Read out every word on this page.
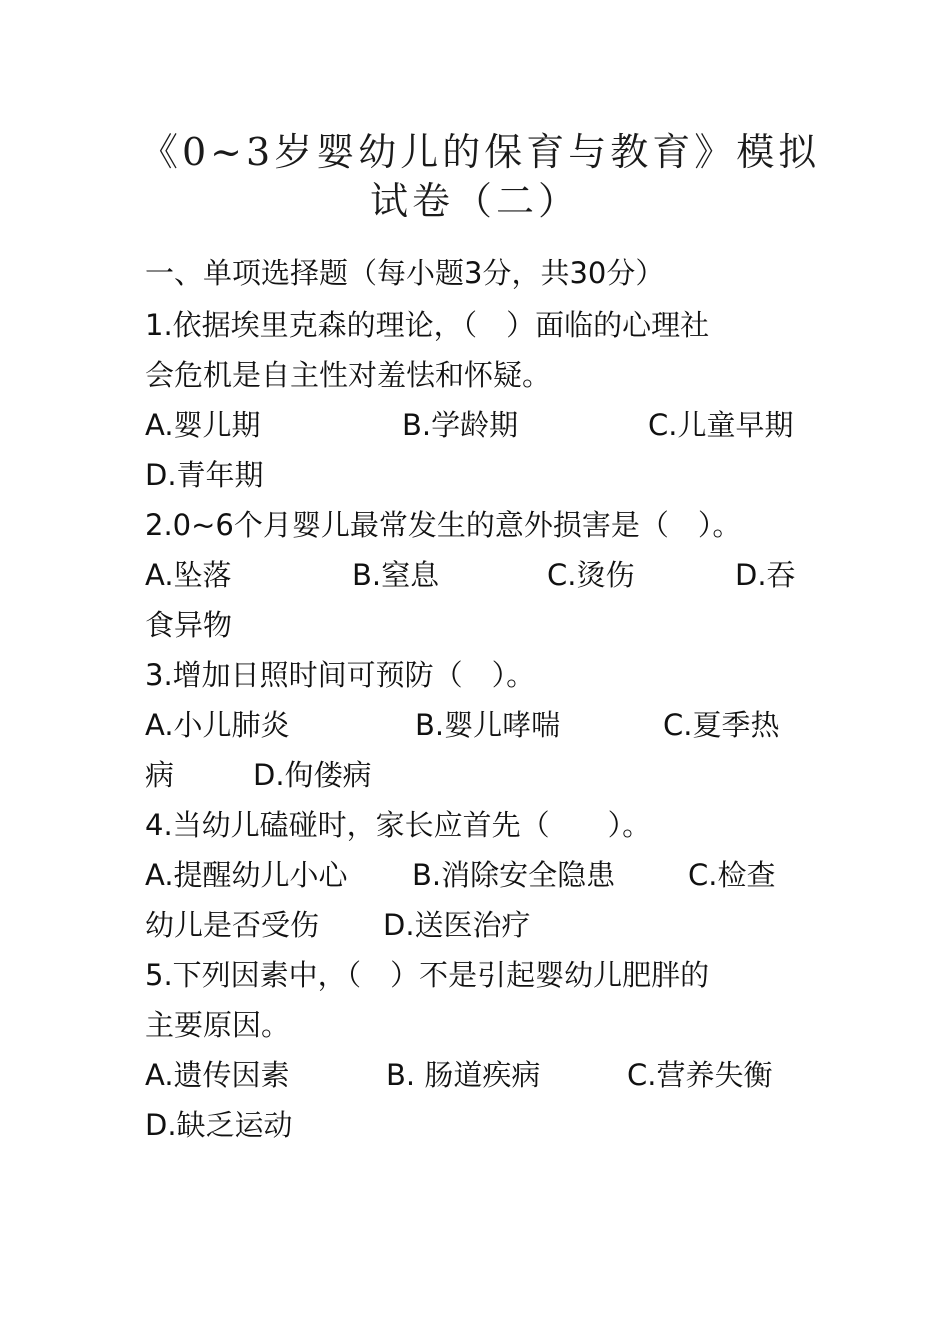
《0~3岁婴幼儿的保育与教育》模拟
试卷（二）
一、单项选择题（每小题3分，共30分）
1.依据埃里克森的理论，（　）面临的心理社
会危机是自主性对羞怯和怀疑。
A.婴儿期	B.学龄期	C.儿童早期
D.青年期
2.0~6个月婴儿最常发生的意外损害是（　）。
A.坠落	B.窒息	C.烫伤	D.吞
食异物
3.增加日照时间可预防（　）。
A.小儿肺炎	B.婴儿哮喘	C.夏季热
病	D.佝偻病
4.当幼儿磕碰时，家长应首先（　　）。
A.提醒幼儿小心 B.消除安全隐患	C.检查
幼儿是否受伤 D.送医治疗
5.下列因素中，（　）不是引起婴幼儿肥胖的
主要原因。
A.遗传因素	B. 肠道疾病	C.营养失衡
D.缺乏运动
